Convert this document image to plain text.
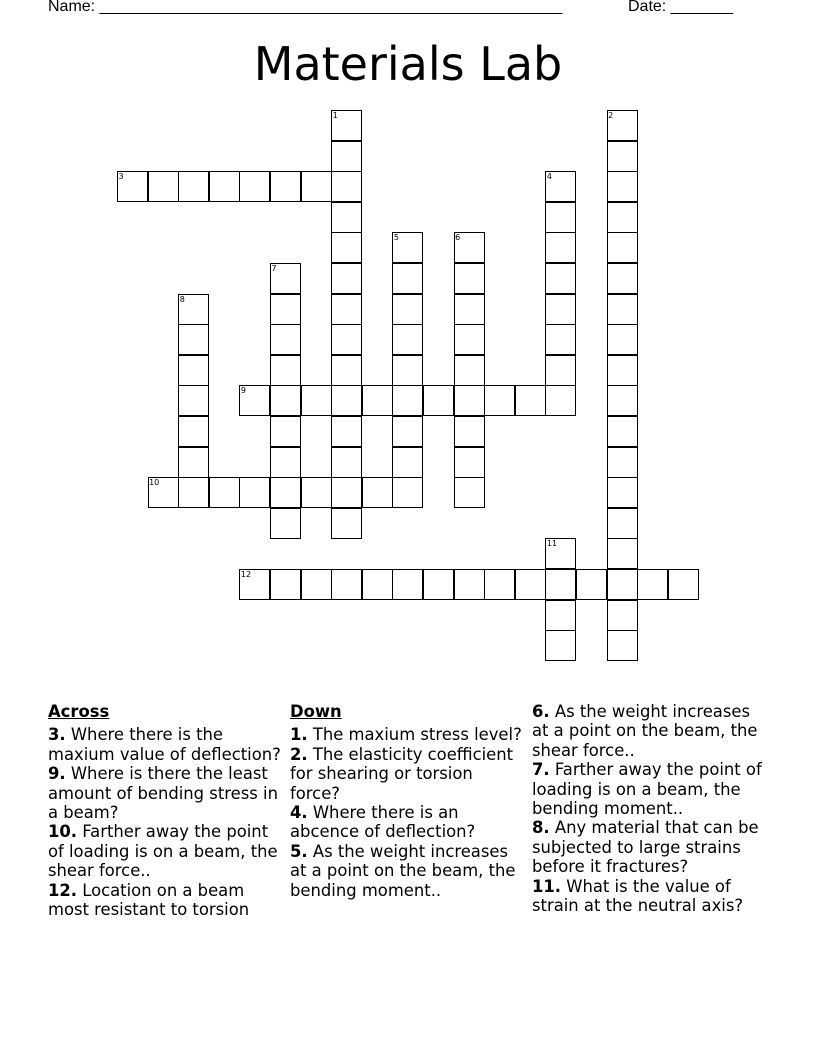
Name: ____________________________________________________	Date: _______
Materials Lab
1	2
3	4
5	6
7
8
9
10
11
12
Across

3. Where there is the maxium value of deflection?

9. Where is there the least amount of bending stress in a beam?

10. Farther away the point of loading is on a beam, the shear force..

12. Location on a beam most resistant to torsion

Down

1. The maxium stress level?

2. The elasticity coefficient for shearing or torsion force?

4. Where there is an abcence of deflection?

5. As the weight increases at a point on the beam, the bending moment..

6. As the weight increases at a point on the beam, the shear force..

7. Farther away the point of loading is on a beam, the bending moment..

8. Any material that can be subjected to large strains before it fractures?

11. What is the value of strain at the neutral axis?
